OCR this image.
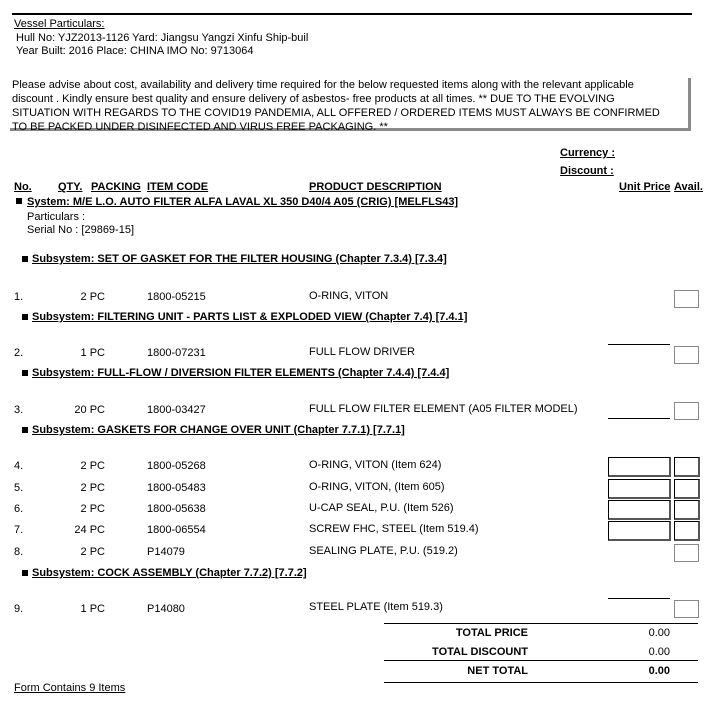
Vessel Particulars:
Hull No: YJZ2013-1126 Yard: Jiangsu Yangzi Xinfu Ship-buil
Year Built: 2016 Place: CHINA IMO No: 9713064
Please advise about cost, availability and delivery time required for the below requested items along with the relevant applicable
discount . Kindly ensure best quality and ensure delivery of asbestos- free products at all times. ** DUE TO THE EVOLVING
SITUATION WITH REGARDS TO THE COVID19 PANDEMIA, ALL OFFERED / ORDERED ITEMS MUST ALWAYS BE CONFIRMED
TO BE PACKED UNDER DISINFECTED AND VIRUS FREE PACKAGING. **
Currency :
Discount :
No. QTY. PACKING ITEM CODE	PRODUCT DESCRIPTION	Unit Price Avail.
System: M/E L.O. AUTO FILTER ALFA LAVAL XL 350 D40/4 A05 (CRIG) [MELFLS43]
Particulars :
Serial No : [29869-15]
Subsystem: SET OF GASKET FOR THE FILTER HOUSING (Chapter 7.3.4) [7.3.4]
1.	2 PC	1800-05215	O-RING, VITON
Subsystem: FILTERING UNIT - PARTS LIST & EXPLODED VIEW (Chapter 7.4) [7.4.1]
2.	1 PC	1800-07231	FULL FLOW DRIVER
Subsystem: FULL-FLOW / DIVERSION FILTER ELEMENTS (Chapter 7.4.4) [7.4.4]
3.	20 PC	1800-03427	FULL FLOW FILTER ELEMENT (A05 FILTER MODEL)
Subsystem: GASKETS FOR CHANGE OVER UNIT (Chapter 7.7.1) [7.7.1]
4.	2 PC	1800-05268	O-RING, VITON (Item 624)
5.	2 PC	1800-05483	O-RING, VITON, (Item 605)
6.	2 PC	1800-05638	U-CAP SEAL, P.U. (Item 526)
7.	24 PC	1800-06554	SCREW FHC, STEEL (Item 519.4)
8.	2 PC	P14079	SEALING PLATE, P.U. (519.2)
Subsystem: COCK ASSEMBLY (Chapter 7.7.2) [7.7.2]
9.	1 PC	P14080	STEEL PLATE (Item 519.3)
TOTAL PRICE	0.00
TOTAL DISCOUNT	0.00
NET TOTAL	0.00
Form Contains 9 Items
